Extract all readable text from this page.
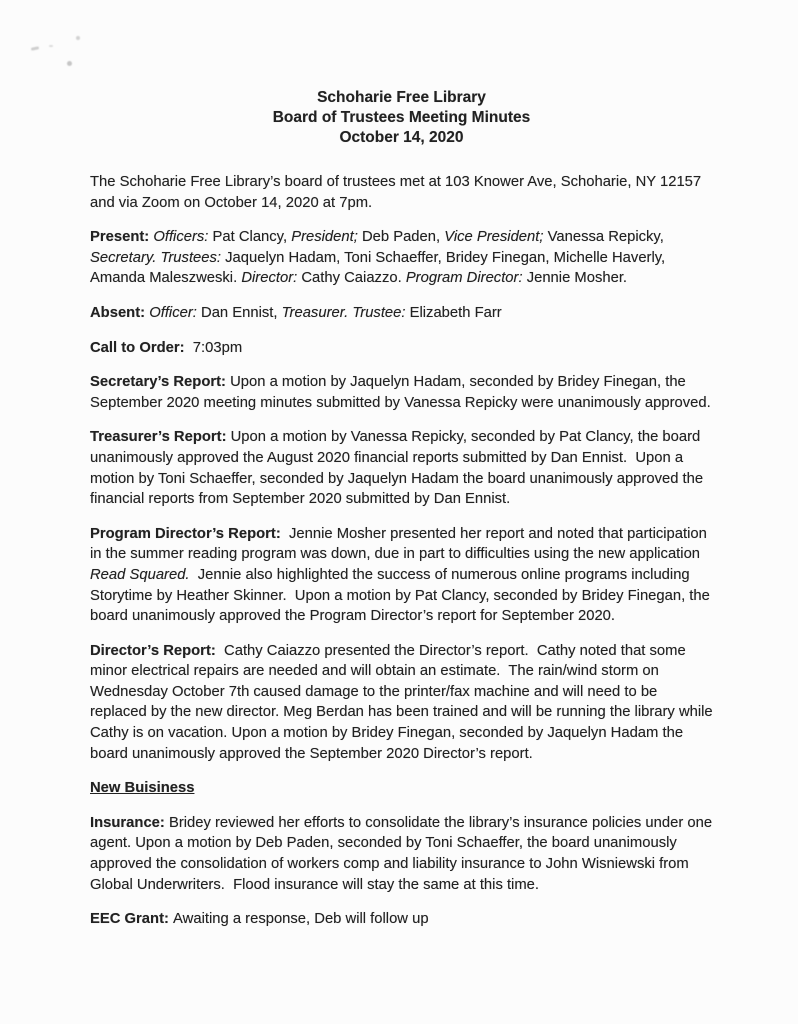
Schoharie Free Library
Board of Trustees Meeting Minutes
October 14, 2020

The Schoharie Free Library’s board of trustees met at 103 Knower Ave, Schoharie, NY 12157 and via Zoom on October 14, 2020 at 7pm.

Present: Officers: Pat Clancy, President; Deb Paden, Vice President; Vanessa Repicky, Secretary. Trustees: Jaquelyn Hadam, Toni Schaeffer, Bridey Finegan, Michelle Haverly, Amanda Maleszweski. Director: Cathy Caiazzo. Program Director: Jennie Mosher.

Absent: Officer: Dan Ennist, Treasurer. Trustee: Elizabeth Farr

Call to Order:  7:03pm

Secretary’s Report: Upon a motion by Jaquelyn Hadam, seconded by Bridey Finegan, the September 2020 meeting minutes submitted by Vanessa Repicky were unanimously approved.

Treasurer’s Report: Upon a motion by Vanessa Repicky, seconded by Pat Clancy, the board unanimously approved the August 2020 financial reports submitted by Dan Ennist.  Upon a motion by Toni Schaeffer, seconded by Jaquelyn Hadam the board unanimously approved the financial reports from September 2020 submitted by Dan Ennist.

Program Director’s Report:  Jennie Mosher presented her report and noted that participation in the summer reading program was down, due in part to difficulties using the new application Read Squared.  Jennie also highlighted the success of numerous online programs including Storytime by Heather Skinner.  Upon a motion by Pat Clancy, seconded by Bridey Finegan, the board unanimously approved the Program Director’s report for September 2020.

Director’s Report:  Cathy Caiazzo presented the Director’s report.  Cathy noted that some minor electrical repairs are needed and will obtain an estimate.  The rain/wind storm on Wednesday October 7th caused damage to the printer/fax machine and will need to be replaced by the new director. Meg Berdan has been trained and will be running the library while Cathy is on vacation. Upon a motion by Bridey Finegan, seconded by Jaquelyn Hadam the board unanimously approved the September 2020 Director’s report.

New Buisiness

Insurance: Bridey reviewed her efforts to consolidate the library’s insurance policies under one agent. Upon a motion by Deb Paden, seconded by Toni Schaeffer, the board unanimously approved the consolidation of workers comp and liability insurance to John Wisniewski from Global Underwriters.  Flood insurance will stay the same at this time.

EEC Grant: Awaiting a response, Deb will follow up
